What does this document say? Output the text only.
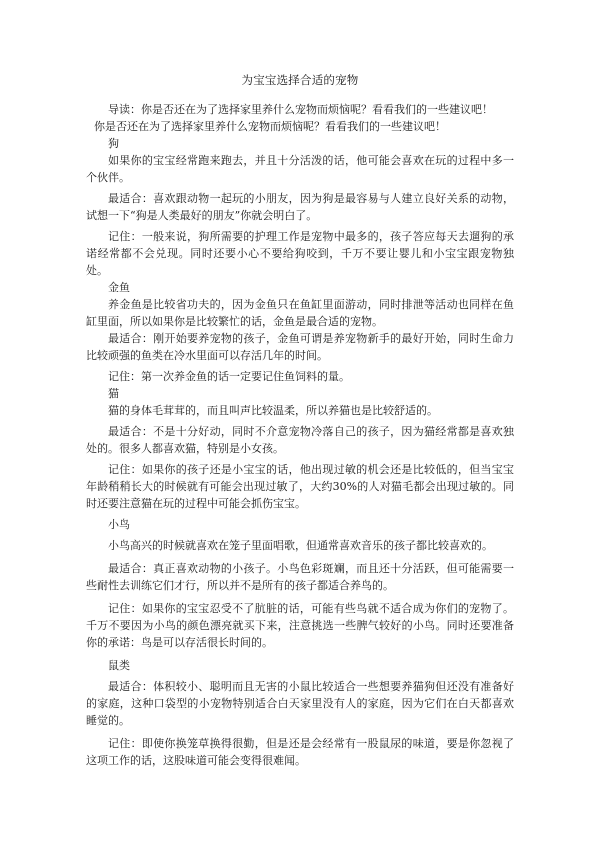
为宝宝选择合适的宠物

导读：你是否还在为了选择家里养什么宠物而烦恼呢？看看我们的一些建议吧！

你是否还在为了选择家里养什么宠物而烦恼呢？看看我们的一些建议吧！

狗

如果你的宝宝经常跑来跑去，并且十分活泼的话，他可能会喜欢在玩的过程中多一个伙伴。

最适合：喜欢跟动物一起玩的小朋友，因为狗是最容易与人建立良好关系的动物，试想一下“狗是人类最好的朋友”你就会明白了。

记住：一般来说，狗所需要的护理工作是宠物中最多的，孩子答应每天去遛狗的承诺经常都不会兑现。同时还要小心不要给狗咬到，千万不要让婴儿和小宝宝跟宠物独处。

金鱼

养金鱼是比较省功夫的，因为金鱼只在鱼缸里面游动，同时排泄等活动也同样在鱼缸里面，所以如果你是比较繁忙的话，金鱼是最合适的宠物。

最适合：刚开始要养宠物的孩子，金鱼可谓是养宠物新手的最好开始，同时生命力比较顽强的鱼类在冷水里面可以存活几年的时间。

记住：第一次养金鱼的话一定要记住鱼饲料的量。

猫

猫的身体毛茸茸的，而且叫声比较温柔，所以养猫也是比较舒适的。

最适合：不是十分好动，同时不介意宠物冷落自己的孩子，因为猫经常都是喜欢独处的。很多人都喜欢猫，特别是小女孩。

记住：如果你的孩子还是小宝宝的话，他出现过敏的机会还是比较低的，但当宝宝年龄稍稍长大的时候就有可能会出现过敏了，大约30%的人对猫毛都会出现过敏的。同时还要注意猫在玩的过程中可能会抓伤宝宝。

小鸟

小鸟高兴的时候就喜欢在笼子里面唱歌，但通常喜欢音乐的孩子都比较喜欢的。

最适合：真正喜欢动物的小孩子。小鸟色彩斑斓，而且还十分活跃，但可能需要一些耐性去训练它们才行，所以并不是所有的孩子都适合养鸟的。

记住：如果你的宝宝忍受不了肮脏的话，可能有些鸟就不适合成为你们的宠物了。千万不要因为小鸟的颜色漂亮就买下来，注意挑选一些脾气较好的小鸟。同时还要准备你的承诺：鸟是可以存活很长时间的。

鼠类

最适合：体积较小、聪明而且无害的小鼠比较适合一些想要养猫狗但还没有准备好的家庭，这种口袋型的小宠物特别适合白天家里没有人的家庭，因为它们在白天都喜欢睡觉的。

记住：即使你换笼草换得很勤，但是还是会经常有一股鼠尿的味道，要是你忽视了这项工作的话，这股味道可能会变得很难闻。
